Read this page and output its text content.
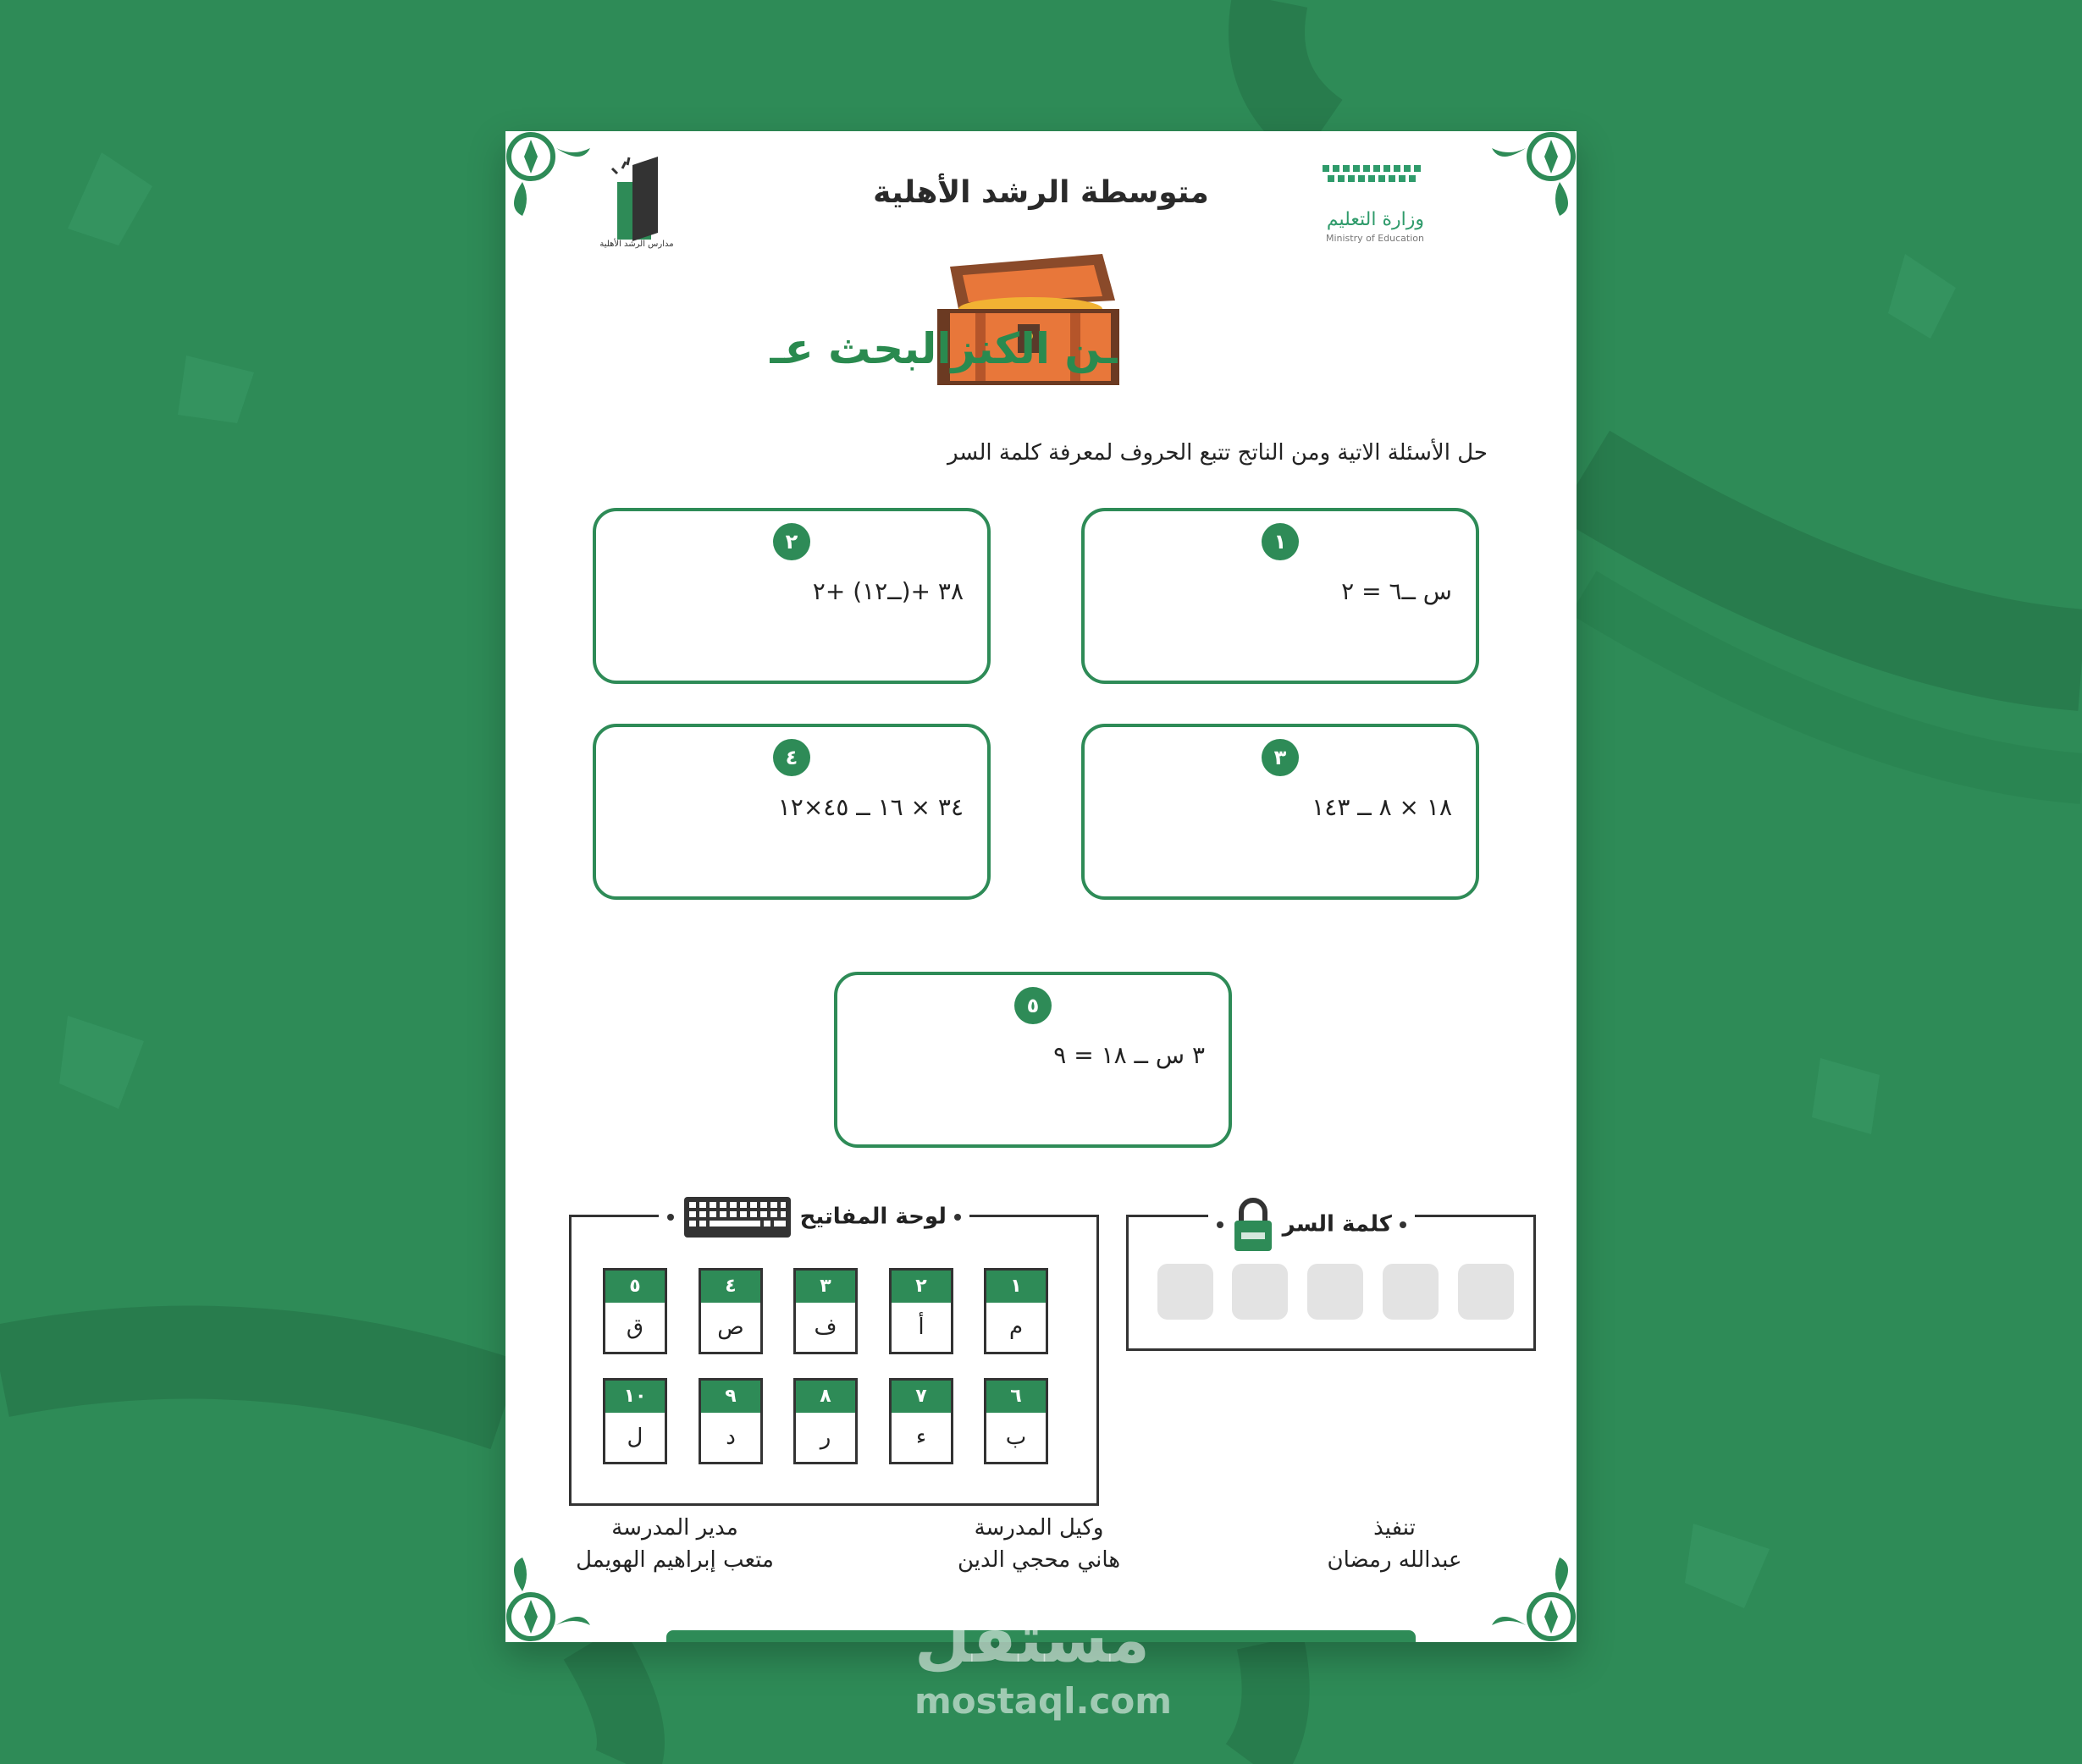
مدارس الرشد الأهلية
متوسطة الرشد الأهلية
وزارة التعليم
Ministry of Education
ـن الكنزالبحث عـ
حل الأسئلة الاتية ومن الناتج تتبع الحروف لمعرفة كلمة السر
١
س ــ٦ = ٢
٢
٣٨ +(ــ١٢) +٢
٣
١٨ × ٨ ــ ١٤٣
٤
٣٤ × ١٦ ــ ٤٥×١٢
٥
٣ س ــ ١٨ = ٩
كلمة السر
لوحة المفاتيح
١
م
٢
أ
٣
ف
٤
ص
٥
ق
٦
ب
٧
ء
٨
ر
٩
د
١٠
ل
مدير المدرسة
متعب إبراهيم الهويمل
وكيل المدرسة
هاني محجي الدين
تنفيذ
عبدالله رمضان
مستقل
mostaql.com
